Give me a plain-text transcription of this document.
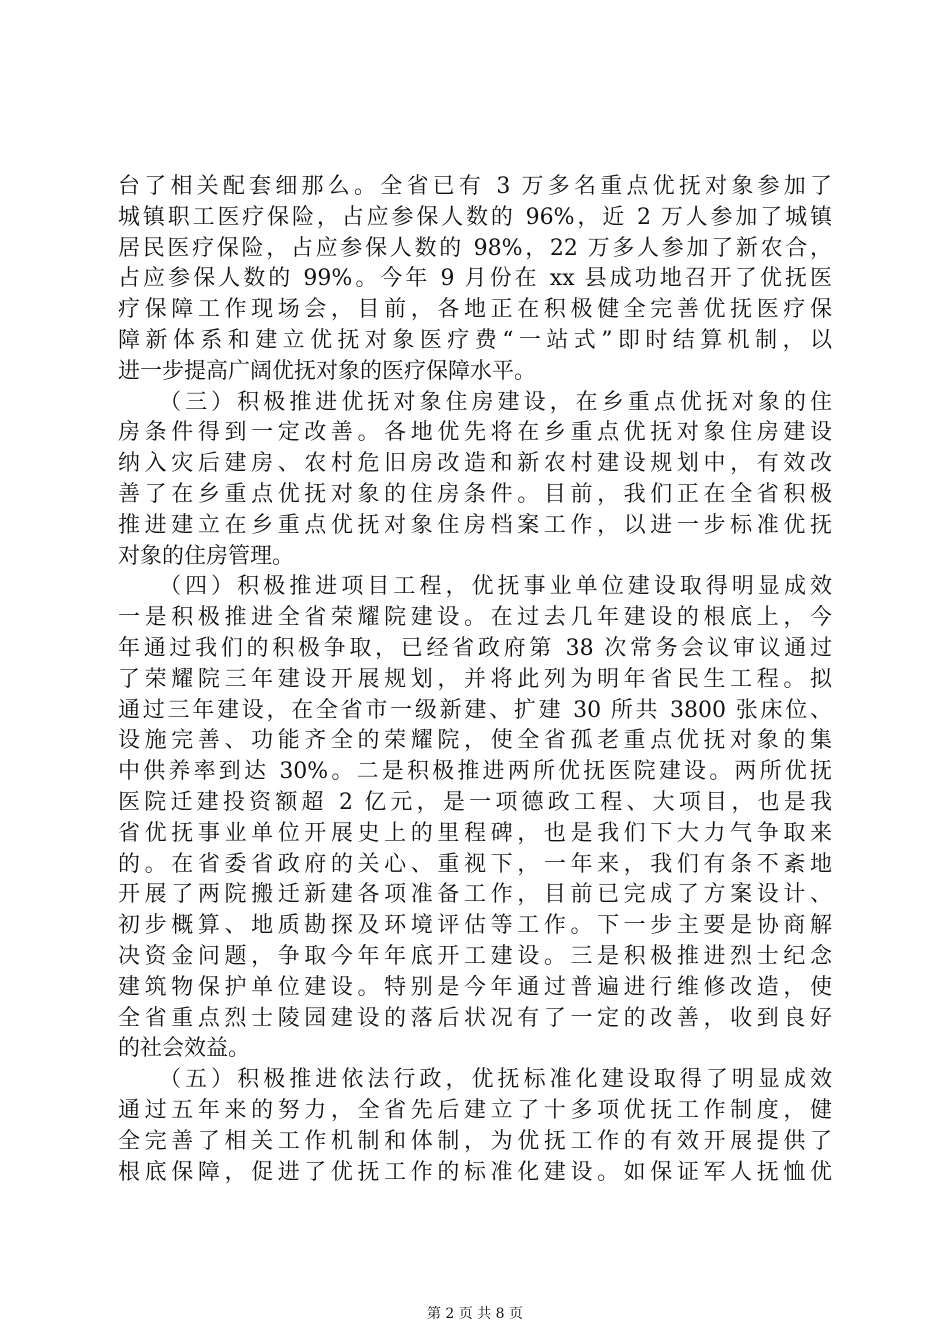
台了相关配套细那么。全省已有 3 万多名重点优抚对象参加了
城镇职工医疗保险，占应参保人数的 96%，近 2 万人参加了城镇
居民医疗保险，占应参保人数的 98%，22 万多人参加了新农合，
占应参保人数的 99%。今年 9 月份在 xx 县成功地召开了优抚医
疗保障工作现场会，目前，各地正在积极健全完善优抚医疗保
障新体系和建立优抚对象医疗费“一站式”即时结算机制，以
进一步提高广阔优抚对象的医疗保障水平。
　　（三）积极推进优抚对象住房建设，在乡重点优抚对象的住
房条件得到一定改善。各地优先将在乡重点优抚对象住房建设
纳入灾后建房、农村危旧房改造和新农村建设规划中，有效改
善了在乡重点优抚对象的住房条件。目前，我们正在全省积极
推进建立在乡重点优抚对象住房档案工作，以进一步标准优抚
对象的住房管理。
　　（四）积极推进项目工程，优抚事业单位建设取得明显成效
一是积极推进全省荣耀院建设。在过去几年建设的根底上，今
年通过我们的积极争取，已经省政府第 38 次常务会议审议通过
了荣耀院三年建设开展规划，并将此列为明年省民生工程。拟
通过三年建设，在全省市一级新建、扩建 30 所共 3800 张床位、
设施完善、功能齐全的荣耀院，使全省孤老重点优抚对象的集
中供养率到达 30%。二是积极推进两所优抚医院建设。两所优抚
医院迁建投资额超 2 亿元，是一项德政工程、大项目，也是我
省优抚事业单位开展史上的里程碑，也是我们下大力气争取来
的。在省委省政府的关心、重视下，一年来，我们有条不紊地
开展了两院搬迁新建各项准备工作，目前已完成了方案设计、
初步概算、地质勘探及环境评估等工作。下一步主要是协商解
决资金问题，争取今年年底开工建设。三是积极推进烈士纪念
建筑物保护单位建设。特别是今年通过普遍进行维修改造，使
全省重点烈士陵园建设的落后状况有了一定的改善，收到良好
的社会效益。
　　（五）积极推进依法行政，优抚标准化建设取得了明显成效
通过五年来的努力，全省先后建立了十多项优抚工作制度，健
全完善了相关工作机制和体制，为优抚工作的有效开展提供了
根底保障，促进了优抚工作的标准化建设。如保证军人抚恤优
第 2 页 共 8 页
